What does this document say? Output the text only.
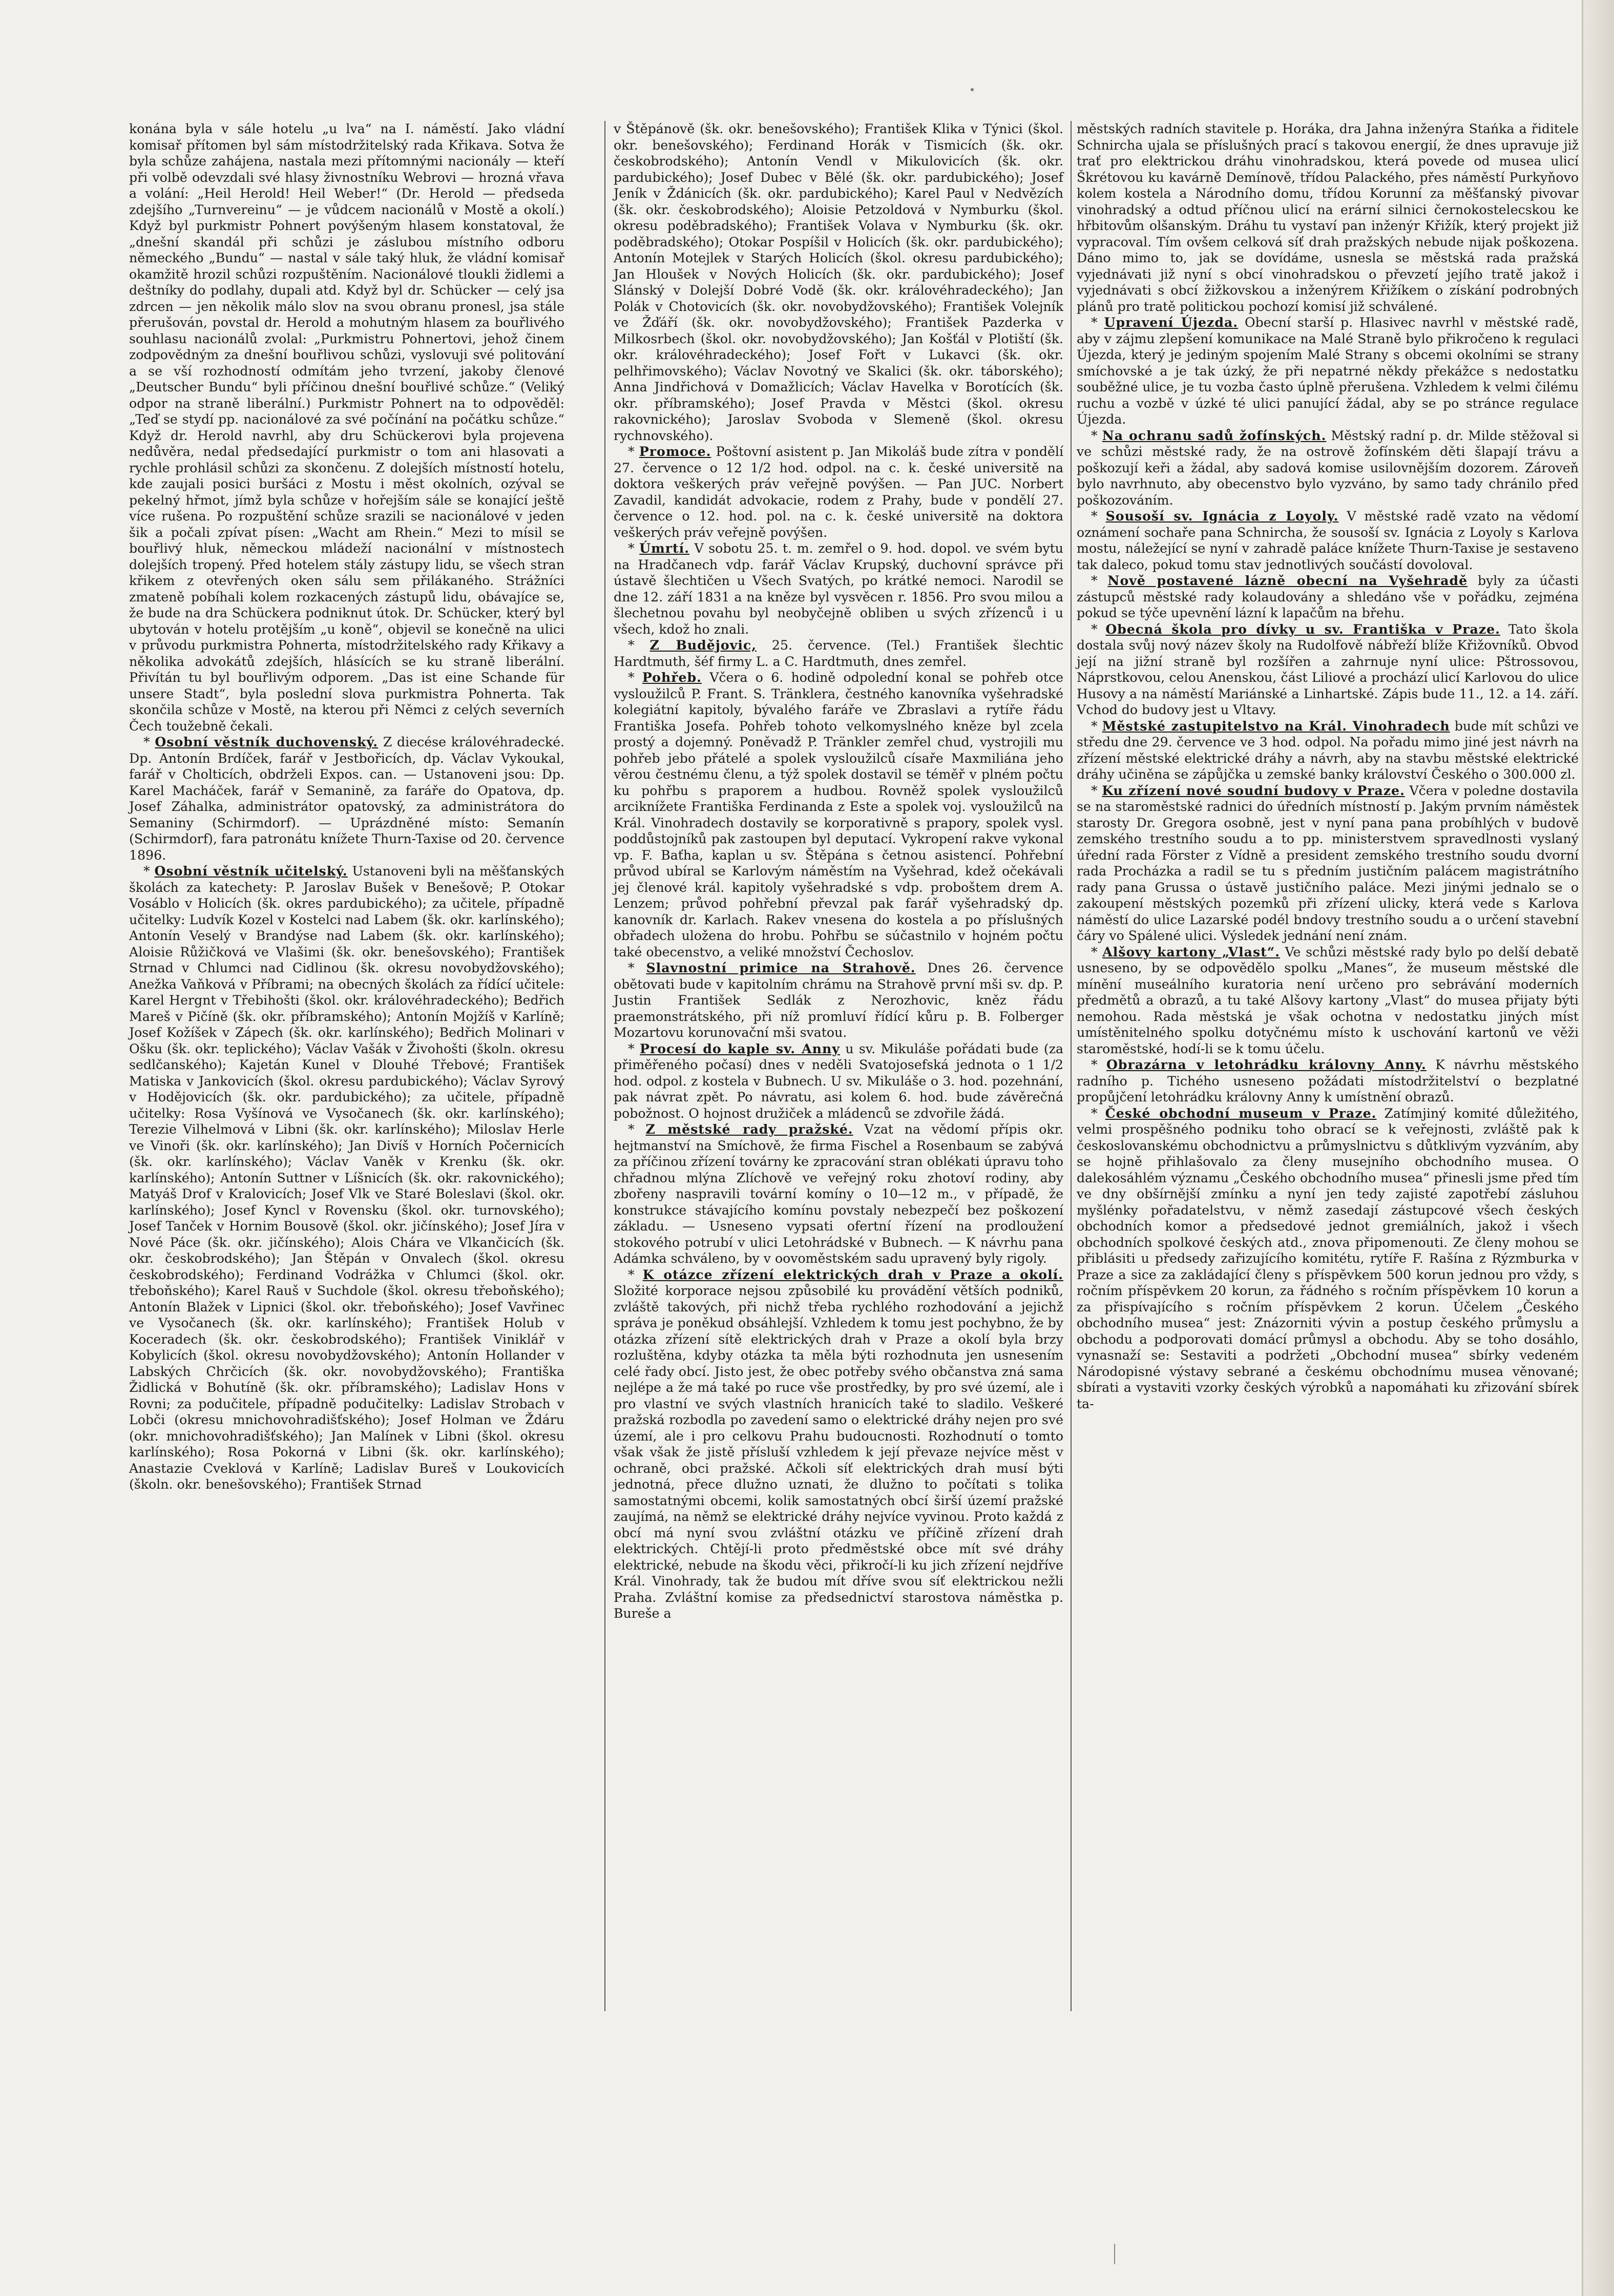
konána byla v sále hotelu „u lva“ na I. náměstí. Jako vládní komisař přítomen byl sám místodržitelský rada Křikava. Sotva že byla schůze zahájena, nastala mezi přítomnými nacionály — kteří při volbě odevzdali své hlasy živnostníku Webrovi — hrozná vřava a volání: „Heil Herold! Heil Weber!“ (Dr. Herold — předseda zdejšího „Turnvereinu“ — je vůdcem nacionálů v Mostě a okolí.) Když byl purkmistr Pohnert povýšeným hlasem konstatoval, že „dnešní skandál při schůzi je záslubou místního odboru německého „Bundu“ — nastal v sále taký hluk, že vládní komisař okamžitě hrozil schůzi rozpuštěním. Nacionálové tloukli židlemi a deštníky do podlahy, dupali atd. Když byl dr. Schücker — celý jsa zdrcen — jen několik málo slov na svou obranu pronesl, jsa stále přerušován, povstal dr. Herold a mohutným hlasem za bouřlivého souhlasu nacionálů zvolal: „Purkmistru Pohnertovi, jehož činem zodpovědným za dnešní bouřlivou schůzi, vyslovuji své politování a se vší rozhodností odmítám jeho tvrzení, jakoby členové „Deutscher Bundu“ byli příčinou dnešní bouřlivé schůze.“ (Veliký odpor na straně liberální.) Purkmistr Pohnert na to odpověděl: „Teď se stydí pp. nacionálové za své počínání na počátku schůze.“ Když dr. Herold navrhl, aby dru Schückerovi byla projevena nedůvěra, nedal předsedající purkmistr o tom ani hlasovati a rychle prohlásil schůzi za skončenu. Z dolejších místností hotelu, kde zaujali posici buršáci z Mostu i měst okolních, ozýval se pekelný hřmot, jímž byla schůze v hořejším sále se konající ještě více rušena. Po rozpuštění schůze srazili se nacionálové v jeden šik a počali zpívat písen: „Wacht am Rhein.“ Mezi to mísil se bouřlivý hluk, německou mládeží nacionální v místnostech dolejších tropený. Před hotelem stály zástupy lidu, se všech stran křikem z otevřených oken sálu sem přilákaného. Strážníci zmateně pobíhali kolem rozkacených zástupů lidu, obávajíce se, že bude na dra Schückera podniknut útok. Dr. Schücker, který byl ubytován v hotelu protějším „u koně“, objevil se konečně na ulici v průvodu purkmistra Pohnerta, místodržitelského rady Křikavy a několika advokátů zdejších, hlásících se ku straně liberální. Přivítán tu byl bouřlivým odporem. „Das ist eine Schande für unsere Stadt“, byla poslední slova purkmistra Pohnerta. Tak skončila schůze v Mostě, na kterou při Němci z celých severních Čech toužebně čekali.

* Osobní věstník duchovenský. Z diecése královéhradecké. Dp. Antonín Brdíček, farář v Jestbořicích, dp. Václav Vykoukal, farář v Cholticích, obdrželi Expos. can. — Ustanoveni jsou: Dp. Karel Macháček, farář v Semanině, za faráře do Opatova, dp. Josef Záhalka, administrátor opatovský, za administrátora do Semaniny (Schirmdorf). — Uprázdněné místo: Semanín (Schirmdorf), fara patronátu knížete Thurn-Taxise od 20. července 1896.

* Osobní věstník učitelský. Ustanoveni byli na měšťanských školách za katechety: P. Jaroslav Bušek v Benešově; P. Otokar Vosáblo v Holicích (šk. okres pardubického); za učitele, případně učitelky: Ludvík Kozel v Kostelci nad Labem (šk. okr. karlínského); Antonín Veselý v Brandýse nad Labem (šk. okr. karlínského); Aloisie Růžičková ve Vlašimi (šk. okr. benešovského); František Strnad v Chlumci nad Cidlinou (šk. okresu novobydžovského); Anežka Vaňková v Příbrami; na obecných školách za řídící učitele: Karel Hergnt v Třebihošti (škol. okr. královéhradeckého); Bedřich Mareš v Pičíně (šk. okr. příbramského); Antonín Mojžíš v Karlíně; Josef Kožíšek v Zápech (šk. okr. karlínského); Bedřich Molinari v Ošku (šk. okr. teplického); Václav Vašák v Živohošti (školn. okresu sedlčanského); Kajetán Kunel v Dlouhé Třebové; František Matiska v Jankovicích (škol. okresu pardubického); Václav Syrový v Hodějovicích (šk. okr. pardubického); za učitele, případně učitelky: Rosa Vyšínová ve Vysočanech (šk. okr. karlínského); Terezie Vilhelmová v Libni (šk. okr. karlínského); Miloslav Herle ve Vinoři (šk. okr. karlínského); Jan Divíš v Horních Počernicích (šk. okr. karlínského); Václav Vaněk v Krenku (šk. okr. karlínského); Antonín Suttner v Líšnicích (šk. okr. rakovnického); Matyáš Drof v Kralovicích; Josef Vlk ve Staré Boleslavi (škol. okr. karlínského); Josef Kyncl v Rovensku (škol. okr. turnovského); Josef Tanček v Hornim Bousově (škol. okr. jičínského); Josef Jíra v Nové Páce (šk. okr. jičínského); Alois Chára ve Vlkančicích (šk. okr. českobrodského); Jan Štěpán v Onvalech (škol. okresu českobrodského); Ferdinand Vodrážka v Chlumci (škol. okr. třeboňského); Karel Rauš v Suchdole (škol. okresu třeboňského); Antonín Blažek v Lipnici (škol. okr. třeboňského); Josef Vavřinec ve Vysočanech (šk. okr. karlínského); František Holub v Koceradech (šk. okr. českobrodského); František Viniklář v Kobylicích (škol. okresu novobydžovského); Antonín Hollander v Labských Chrčicích (šk. okr. novobydžovského); Františka Židlická v Bohutíně (šk. okr. příbramského); Ladislav Hons v Rovni; za podučitele, případně podučitelky: Ladislav Strobach v Lobči (okresu mnichovohradišťského); Josef Holman ve Ždáru (okr. mnichovohradišťského); Jan Malínek v Libni (škol. okresu karlínského); Rosa Pokorná v Libni (šk. okr. karlínského); Anastazie Cveklová v Karlíně; Ladislav Bureš v Loukovicích (školn. okr. benešovského); František Strnad

v Štěpánově (šk. okr. benešovského); František Klika v Týnici (škol. okr. benešovského); Ferdinand Horák v Tismicích (šk. okr. českobrodského); Antonín Vendl v Mikulovicích (šk. okr. pardubického); Josef Dubec v Bělé (šk. okr. pardubického); Josef Jeník v Ždánicích (šk. okr. pardubického); Karel Paul v Nedvězích (šk. okr. českobrodského); Aloisie Petzoldová v Nymburku (škol. okresu poděbradského); František Volava v Nymburku (šk. okr. poděbradského); Otokar Pospíšil v Holicích (šk. okr. pardubického); Antonín Motejlek v Starých Holicích (škol. okresu pardubického); Jan Hloušek v Nových Holicích (šk. okr. pardubického); Josef Slánský v Dolejší Dobré Vodě (šk. okr. královéhradeckého); Jan Polák v Chotovicích (šk. okr. novobydžovského); František Volejník ve Žďáří (šk. okr. novobydžovského); František Pazderka v Milkosrbech (škol. okr. novobydžovského); Jan Košťál v Plotiští (šk. okr. královéhradeckého); Josef Fořt v Lukavci (šk. okr. pelhřimovského); Václav Novotný ve Skalici (šk. okr. táborského); Anna Jindřichová v Domažlicích; Václav Havelka v Borotících (šk. okr. příbramského); Josef Pravda v Městci (škol. okresu rakovnického); Jaroslav Svoboda v Slemeně (škol. okresu rychnovského).

* Promoce. Poštovní asistent p. Jan Mikoláš bude zítra v pondělí 27. července o 12 1/2 hod. odpol. na c. k. české universitě na doktora veškerých práv veřejně povýšen. — Pan JUC. Norbert Zavadil, kandidát advokacie, rodem z Prahy, bude v pondělí 27. července o 12. hod. pol. na c. k. české universitě na doktora veškerých práv veřejně povýšen.

* Úmrtí. V sobotu 25. t. m. zemřel o 9. hod. dopol. ve svém bytu na Hradčanech vdp. farář Václav Krupský, duchovní správce při ústavě šlechtičen u Všech Svatých, po krátké nemoci. Narodil se dne 12. září 1831 a na kněze byl vysvěcen r. 1856. Pro svou milou a šlechetnou povahu byl neobyčejně obliben u svých zřízenců i u všech, kdož ho znali.

* Z Budějovic, 25. července. (Tel.) František šlechtic Hardtmuth, šéf firmy L. a C. Hardtmuth, dnes zemřel.

* Pohřeb. Včera o 6. hodině odpolední konal se pohřeb otce vysloužilců P. Frant. S. Tränklera, čestného kanovníka vyšehradské kolegiátní kapitoly, bývalého faráře ve Zbraslavi a rytíře řádu Františka Josefa. Pohřeb tohoto velkomyslného kněze byl zcela prostý a dojemný. Poněvadž P. Tränkler zemřel chud, vystrojili mu pohřeb jebo přátelé a spolek vysloužilců císaře Maxmiliána jeho věrou čestnému členu, a týž spolek dostavil se téměř v plném počtu ku pohřbu s praporem a hudbou. Rovněž spolek vysloužilců arciknížete Františka Ferdinanda z Este a spolek voj. vysloužilců na Král. Vinohradech dostavily se korporativně s prapory, spolek vysl. poddůstojníků pak zastoupen byl deputací. Vykropení rakve vykonal vp. F. Baťha, kaplan u sv. Štěpána s četnou asistencí. Pohřební průvod ubíral se Karlovým náměstím na Vyšehrad, kdež očekávali jej členové král. kapitoly vyšehradské s vdp. proboštem drem A. Lenzem; průvod pohřební převzal pak farář vyšehradský dp. kanovník dr. Karlach. Rakev vnesena do kostela a po příslušných obřadech uložena do hrobu. Pohřbu se súčastnilo v hojném počtu také obecenstvo, a veliké množství Čechoslov.

* Slavnostní primice na Strahově. Dnes 26. července obětovati bude v kapitolním chrámu na Strahově první mši sv. dp. P. Justin František Sedlák z Nerozhovic, kněz řádu praemonstrátského, při níž promluví řídící kůru p. B. Folberger Mozartovu korunovační mši svatou.

* Procesí do kaple sv. Anny u sv. Mikuláše pořádati bude (za přiměřeného počasí) dnes v neděli Svatojosefská jednota o 1 1/2 hod. odpol. z kostela v Bubnech. U sv. Mikuláše o 3. hod. pozehnání, pak návrat zpět. Po návratu, asi kolem 6. hod. bude závěrečná pobožnost. O hojnost družiček a mládenců se zdvořile žádá.

* Z městské rady pražské. Vzat na vědomí přípis okr. hejtmanství na Smíchově, že firma Fischel a Rosenbaum se zabývá za příčinou zřízení továrny ke zpracování stran oblékati úpravu toho chřadnou mlýna Zlíchově ve veřejný roku zhotoví rodiny, aby zbořeny naspravili tovární komíny o 10—12 m., v případě, že konstrukce stávajícího komínu povstaly nebezpečí bez poškození základu. — Usneseno vypsati ofertní řízení na prodloužení stokového potrubí v ulici Letohrádské v Bubnech. — K návrhu pana Adámka schváleno, by v oovoměstském sadu upravený byly rigoly.

* K otázce zřízení elektrických drah v Praze a okolí. Složité korporace nejsou způsobilé ku provádění větších podniků, zvláště takových, při nichž třeba rychlého rozhodování a jejichž správa je poněkud obsáhlejší. Vzhledem k tomu jest pochybno, že by otázka zřízení sítě elektrických drah v Praze a okolí byla brzy rozluštěna, kdyby otázka ta měla býti rozhodnuta jen usnesením celé řady obcí. Jisto jest, že obec potřeby svého občanstva zná sama nejlépe a že má také po ruce vše prostředky, by pro své území, ale i pro vlastní ve svých vlastních hranicích také to sladilo. Veškeré pražská rozbodla po zavedení samo o elektrické dráhy nejen pro své území, ale i pro celkovu Prahu budoucnosti. Rozhodnutí o tomto však však že jistě přísluší vzhledem k její převaze nejvíce měst v ochraně, obci pražské. Ačkoli síť elektrických drah musí býti jednotná, přece dlužno uznati, že dlužno to počítati s tolika samostatnými obcemi, kolik samostatných obcí širší území pražské zaujímá, na němž se elektrické dráhy nejvíce vyvinou. Proto každá z obcí má nyní svou zvláštní otázku ve příčině zřízení drah elektrických. Chtějí-li proto předměstské obce mít své dráhy elektrické, nebude na škodu věci, přikročí-li ku jich zřízení nejdříve Král. Vinohrady, tak že budou mít dříve svou síť elektrickou nežli Praha. Zvláštní komise za předsednictví starostova náměstka p. Bureše a

městských radních stavitele p. Horáka, dra Jahna inženýra Stańka a řiditele Schnircha ujala se příslušných prací s takovou energií, že dnes upravuje již trať pro elektrickou dráhu vinohradskou, která povede od musea ulicí Škrétovou ku kavárně Demínově, třídou Palackého, přes náměstí Purkyňovo kolem kostela a Národního domu, třídou Korunní za měšťanský pivovar vinohradský a odtud příčnou ulicí na erární silnici černokostelecskou ke hřbitovům olšanským. Dráhu tu vystaví pan inženýr Křižík, který projekt již vypracoval. Tím ovšem celková síť drah pražských nebude nijak poškozena. Dáno mimo to, jak se dovídáme, usnesla se městská rada pražská vyjednávati již nyní s obcí vinohradskou o převzetí jejího tratě jakož i vyjednávati s obcí žižkovskou a inženýrem Křižíkem o získání podrobných plánů pro tratě politickou pochozí komisí již schválené.

* Upravení Újezda. Obecní starší p. Hlasivec navrhl v městské radě, aby v zájmu zlepšení komunikace na Malé Straně bylo přikročeno k regulaci Újezda, který je jediným spojením Malé Strany s obcemi okolními se strany smíchovské a je tak úzký, že při nepatrné někdy překážce s nedostatku souběžné ulice, je tu vozba často úplně přerušena. Vzhledem k velmi čilému ruchu a vozbě v úzké té ulici panující žádal, aby se po stránce regulace Újezda.

* Na ochranu sadů žofínských. Městský radní p. dr. Milde stěžoval si ve schůzi městské rady, že na ostrově žofínském děti šlapají trávu a poškozují keři a žádal, aby sadová komise usilovnějším dozorem. Zároveň bylo navrhnuto, aby obecenstvo bylo vyzváno, by samo tady chránilo před poškozováním.

* Sousoší sv. Ignácia z Loyoly. V městské radě vzato na vědomí oznámení sochaře pana Schnirchа, že sousoší sv. Ignácia z Loyoly s Karlova mostu, náležející se nyní v zahradě paláce knížete Thurn-Taxise je sestaveno tak daleco, pokud tomu stav jednotlivých součástí dovoloval.

* Nově postavené lázně obecní na Vyšehradě byly za účasti zástupců městské rady kolaudovány a shledáno vše v pořádku, zejména pokud se týče upevnění lázní k lapačům na břehu.

* Obecná škola pro dívky u sv. Františka v Praze. Tato škola dostala svůj nový název školy na Rudolfově nábřeží blíže Křižovníků. Obvod její na jižní straně byl rozšířen a zahrnuje nyní ulice: Pštrossovou, Náprstkovou, celou Anenskou, část Liliové a prochází ulicí Karlovou do ulice Husovy a na náměstí Mariánské a Linhartské. Zápis bude 11., 12. a 14. září. Vchod do budovy jest u Vltavy.

* Městské zastupitelstvo na Král. Vinohradech bude mít schůzi ve středu dne 29. července ve 3 hod. odpol. Na pořadu mimo jiné jest návrh na zřízení městské elektrické dráhy a návrh, aby na stavbu městské elektrické dráhy učiněna se zápůjčka u zemské banky království Českého o 300.000 zl.

* Ku zřízení nové soudní budovy v Praze. Včera v poledne dostavila se na staroměstské radnici do úředních místností p. Jakým prvním náměstek starosty Dr. Gregora osobně, jest v nyní pana pana probíhlých v budově zemského trestního soudu a to pp. ministerstvem spravedlnosti vyslaný úřední rada Förster z Vídně a president zemského trestního soudu dvorní rada Procházka a radil se tu s předním justičním palácem magistrátního rady pana Grussa o ústavě justičního paláce. Mezi jinými jednalo se o zakoupení městských pozemků při zřízení ulicky, která vede s Karlova náměstí do ulice Lazarské podél bndovy trestního soudu a o určení stavební čáry vo Spálené ulici. Výsledek jednání není znám.

* Alšovy kartony „Vlast“. Ve schůzi městské rady bylo po delší debatě usneseno, by se odpovědělo spolku „Manes“, že museum městské dle mínění museálního kuratoria není určeno pro sebrávání moderních předmětů a obrazů, a tu také Alšovy kartony „Vlast“ do musea přijaty býti nemohou. Rada městská je však ochotna v nedostatku jiných míst umístěnitelného spolku dotyčnému místo k uschování kartonů ve věži staroměstské, hodí-li se k tomu účelu.

* Obrazárna v letohrádku královny Anny. K návrhu městského radního p. Tichého usneseno požádati místodržitelství o bezplatné propůjčení letohrádku královny Anny k umístnění obrazů.

* České obchodní museum v Praze. Zatímjiný komité důležitého, velmi prospěšného podniku toho obrací se k veřejnosti, zvláště pak k českoslovanskému obchodnictvu a průmyslnictvu s důtklivým vyzváním, aby se hojně přihlašovalo za členy musejního obchodního musea. O dalekosáhlém významu „Českého obchodního musea“ přinesli jsme před tím ve dny obšírnější zmínku a nyní jen tedy zajisté zapotřebí zásluhou myšlénky pořadatelstvu, v němž zasedají zástupcové všech českých obchodních komor a předsedové jednot gremiálních, jakož i všech obchodních spolkové českých atd., znova připomenouti. Ze členy mohou se přiblásiti u předsedy zařizujícího komitétu, rytíře F. Rašína z Rýzmburka v Praze a sice za zakládající členy s příspěvkem 500 korun jednou pro vždy, s ročním příspěvkem 20 korun, za řádného s ročním příspěvkem 10 korun a za přispívajícího s ročním příspěvkem 2 korun. Účelem „Českého obchodního musea“ jest: Znázorniti vývin a postup českého průmyslu a obchodu a podporovati domácí průmysl a obchodu. Aby se toho dosáhlo, vynasnaží se: Sestaviti a podržeti „Obchodní musea“ sbírky vedeném Národopisné výstavy sebrané a českému obchodnímu musea věnované; sbírati a vystaviti vzorky českých výrobků a napomáhati ku zřizování sbírek ta-
